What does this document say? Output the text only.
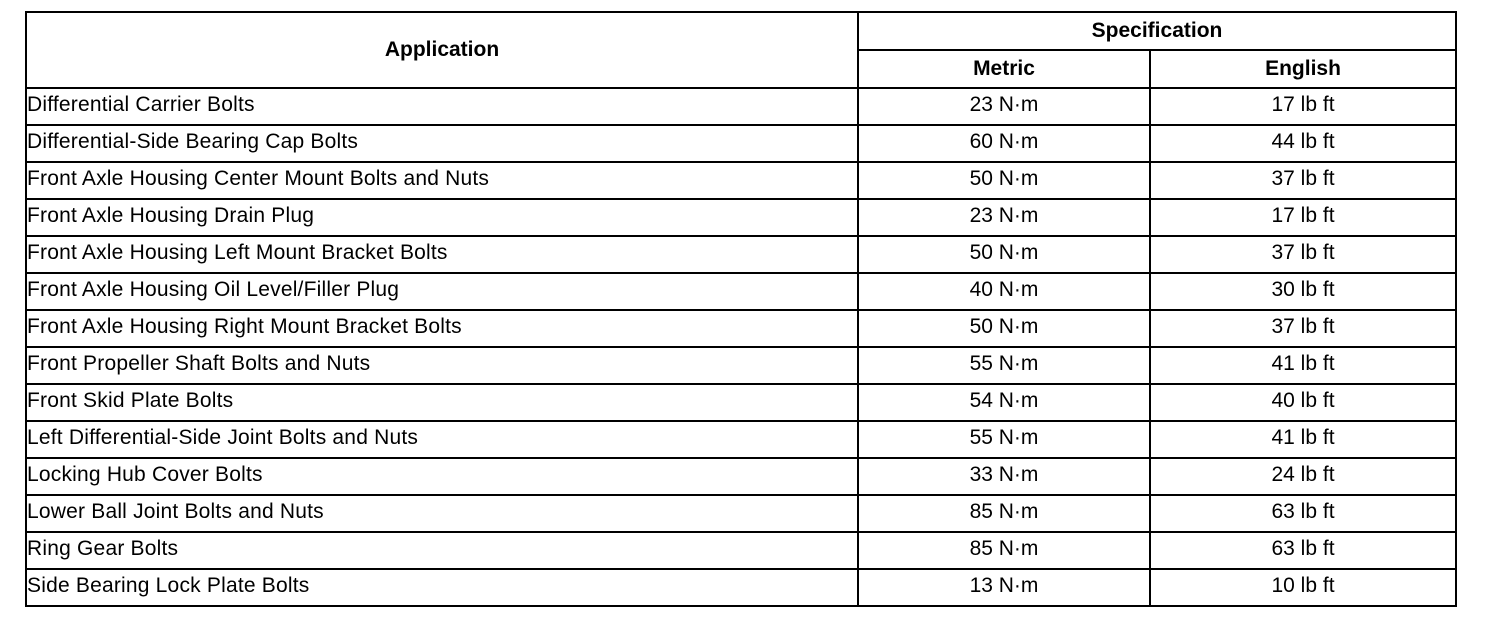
Application	Specification	
	Metric	English
Differential Carrier Bolts	23 N·m	17 lb ft
Differential-Side Bearing Cap Bolts	60 N·m	44 lb ft
Front Axle Housing Center Mount Bolts and Nuts	50 N·m	37 lb ft
Front Axle Housing Drain Plug	23 N·m	17 lb ft
Front Axle Housing Left Mount Bracket Bolts	50 N·m	37 lb ft
Front Axle Housing Oil Level/Filler Plug	40 N·m	30 lb ft
Front Axle Housing Right Mount Bracket Bolts	50 N·m	37 lb ft
Front Propeller Shaft Bolts and Nuts	55 N·m	41 lb ft
Front Skid Plate Bolts	54 N·m	40 lb ft
Left Differential-Side Joint Bolts and Nuts	55 N·m	41 lb ft
Locking Hub Cover Bolts	33 N·m	24 lb ft
Lower Ball Joint Bolts and Nuts	85 N·m	63 lb ft
Ring Gear Bolts	85 N·m	63 lb ft
Side Bearing Lock Plate Bolts	13 N·m	10 lb ft
